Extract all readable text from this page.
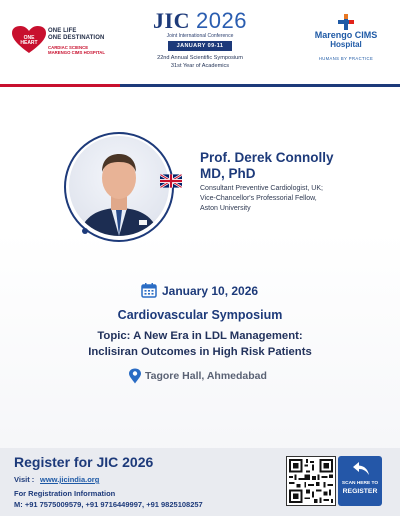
ONE HEART
ONE LIFE
ONE DESTINATION
CARDIAC SCIENCE
MARENGO CIMS HOSPITAL
JIC 2026
Joint International Conference
JANUARY 09-11
22nd Annual Scientific Symposium
31st Year of Academics
Marengo CIMS
Hospital
HUMANS BY PRACTICE
Prof. Derek Connolly
MD, PhD
Consultant Preventive Cardiologist, UK;
Vice-Chancellor's Professorial Fellow,
Aston University
January 10, 2026
Cardiovascular Symposium
Topic: A New Era in LDL Management:
Inclisiran Outcomes in High Risk Patients
Tagore Hall, Ahmedabad
Register for JIC 2026
Visit : www.jicindia.org
For Registration Information
M: +91 7575009579, +91 9716449997, +91 9825108257
SCAN HERE TO
REGISTER
